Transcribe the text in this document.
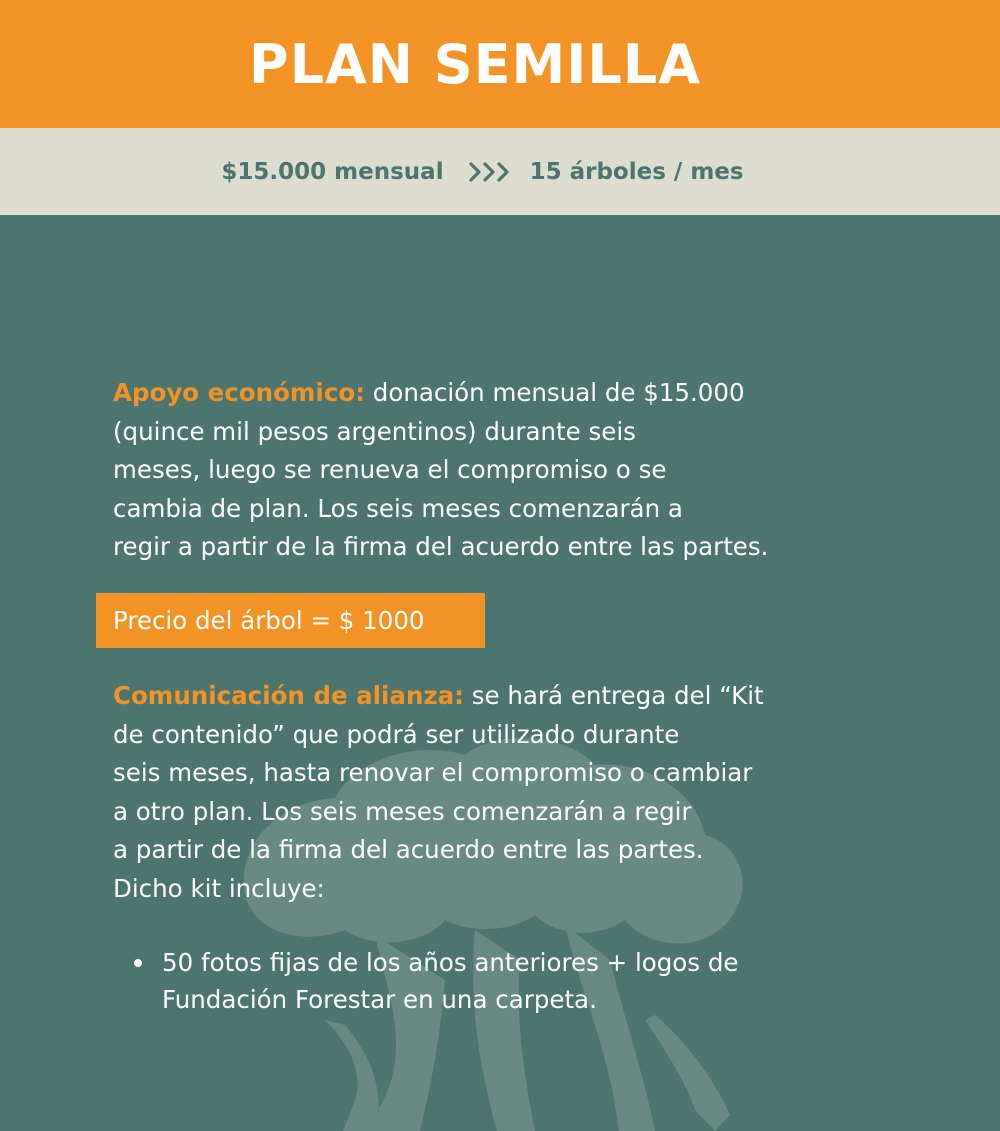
PLAN SEMILLA
$15.000 mensual	15 árboles / mes

Apoyo económico: donación mensual de $15.000

(quince mil pesos argentinos) durante seis

meses, luego se renueva el compromiso o se

cambia de plan. Los seis meses comenzarán a

regir a partir de la firma del acuerdo entre las partes.

Precio del árbol = $ 1000

Comunicación de alianza: se hará entrega del “Kit

de contenido” que podrá ser utilizado durante

seis meses, hasta renovar el compromiso o cambiar

a otro plan. Los seis meses comenzarán a regir

a partir de la firma del acuerdo entre las partes.

Dicho kit incluye:

50 fotos fijas de los años anteriores + logos de
Fundación Forestar en una carpeta.
